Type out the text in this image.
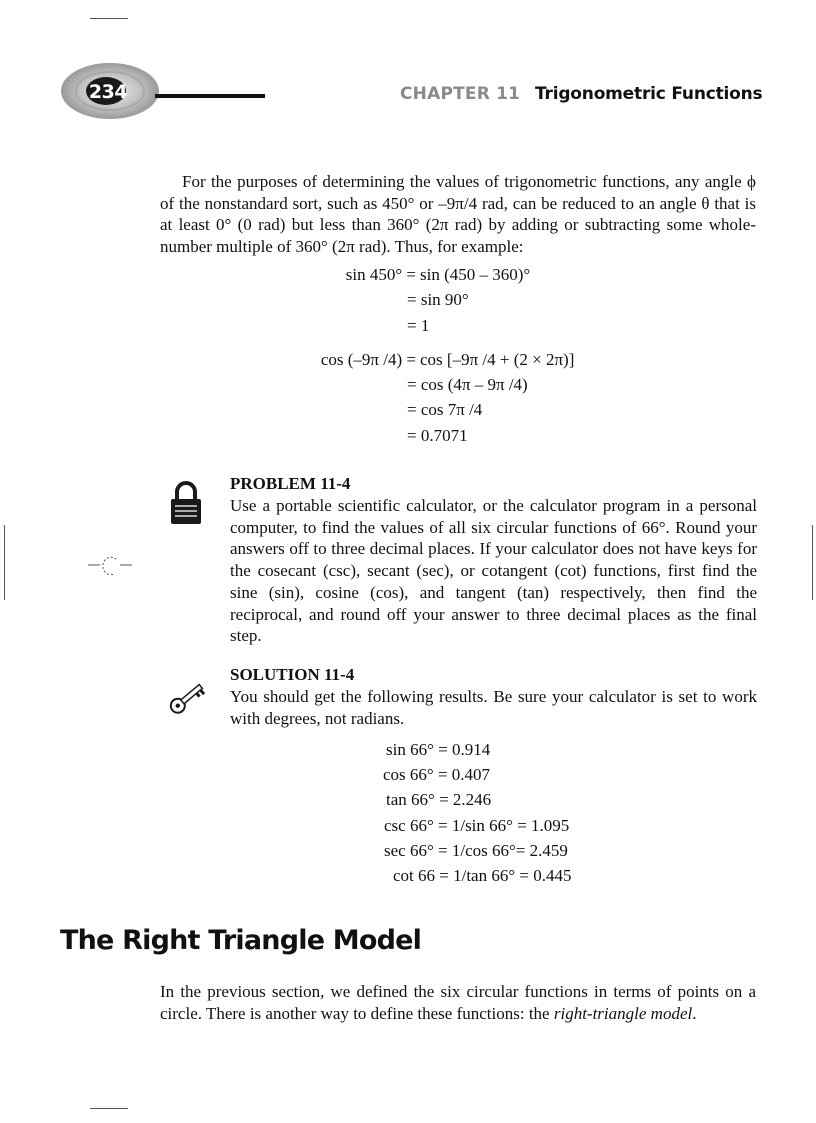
234	CHAPTER 11 Trigonometric Functions
For the purposes of determining the values of trigonometric functions, any angle ϕ of the nonstandard sort, such as 450° or –9π/4 rad, can be reduced to an angle θ that is at least 0° (0 rad) but less than 360° (2π rad) by adding or subtracting some whole-number multiple of 360° (2π rad). Thus, for example:
sin 450° = sin (450 – 360)°
= sin 90°
= 1
cos (–9π /4) = cos [–9π /4 + (2 × 2π)]
= cos (4π – 9π /4)
= cos 7π /4
= 0.7071
PROBLEM 11-4
Use a portable scientific calculator, or the calculator program in a personal computer, to find the values of all six circular functions of 66°. Round your answers off to three decimal places. If your calculator does not have keys for the cosecant (csc), secant (sec), or cotangent (cot) functions, first find the sine (sin), cosine (cos), and tangent (tan) respectively, then find the reciprocal, and round off your answer to three decimal places as the final step.
SOLUTION 11-4
You should get the following results. Be sure your calculator is set to work with degrees, not radians.
sin 66° = 0.914
cos 66° = 0.407
tan 66° = 2.246
csc 66° = 1/sin 66° = 1.095
sec 66° = 1/cos 66°= 2.459
cot 66 = 1/tan 66° = 0.445
The Right Triangle Model
In the previous section, we defined the six circular functions in terms of points on a circle. There is another way to define these functions: the right-triangle model.
